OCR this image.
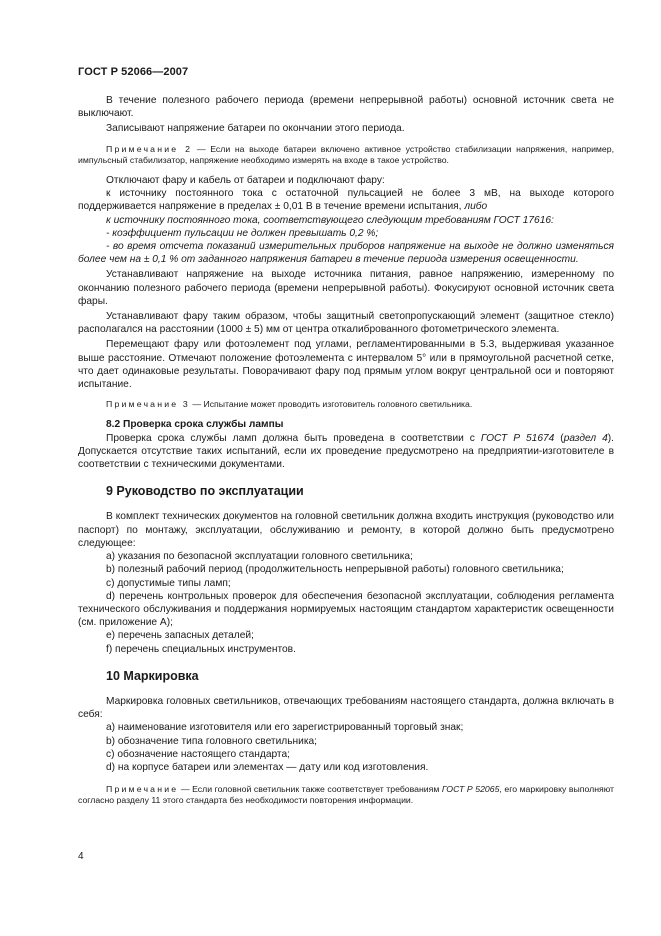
ГОСТ Р 52066—2007

В течение полезного рабочего периода (времени непрерывной работы) основной источник света не выключают.

Записывают напряжение батареи по окончании этого периода.

Примечание 2 — Если на выходе батареи включено активное устройство стабилизации напряжения, например, импульсный стабилизатор, напряжение необходимо измерять на входе в такое устройство.

Отключают фару и кабель от батареи и подключают фару:

к источнику постоянного тока с остаточной пульсацией не более 3 мВ, на выходе которого поддерживается напряжение в пределах ± 0,01 В в течение времени испытания, либо

к источнику постоянного тока, соответствующего следующим требованиям ГОСТ 17616:

- коэффициент пульсации не должен превышать 0,2 %;

- во время отсчета показаний измерительных приборов напряжение на выходе не должно изменяться более чем на ± 0,1 % от заданного напряжения батареи в течение периода измерения освещенности.

Устанавливают напряжение на выходе источника питания, равное напряжению, измеренному по окончанию полезного рабочего периода (времени непрерывной работы). Фокусируют основной источник света фары.

Устанавливают фару таким образом, чтобы защитный светопропускающий элемент (защитное стекло) располагался на расстоянии (1000 ± 5) мм от центра откалиброванного фотометрического элемента.

Перемещают фару или фотоэлемент под углами, регламентированными в 5.3, выдерживая указанное выше расстояние. Отмечают положение фотоэлемента с интервалом 5° или в прямоугольной расчетной сетке, что дает одинаковые результаты. Поворачивают фару под прямым углом вокруг центральной оси и повторяют испытание.

Примечание 3 — Испытание может проводить изготовитель головного светильника.

8.2 Проверка срока службы лампы

Проверка срока службы ламп должна быть проведена в соответствии с ГОСТ Р 51674 (раздел 4). Допускается отсутствие таких испытаний, если их проведение предусмотрено на предприятии-изготовителе в соответствии с техническими документами.

9 Руководство по эксплуатации

В комплект технических документов на головной светильник должна входить инструкция (руководство или паспорт) по монтажу, эксплуатации, обслуживанию и ремонту, в которой должно быть предусмотрено следующее:

а) указания по безопасной эксплуатации головного светильника;

b) полезный рабочий период (продолжительность непрерывной работы) головного светильника;

c) допустимые типы ламп;

d) перечень контрольных проверок для обеспечения безопасной эксплуатации, соблюдения регламента технического обслуживания и поддержания нормируемых настоящим стандартом характеристик освещенности (см. приложение А);

е) перечень запасных деталей;

f) перечень специальных инструментов.

10 Маркировка

Маркировка головных светильников, отвечающих требованиям настоящего стандарта, должна включать в себя:

а) наименование изготовителя или его зарегистрированный торговый знак;

b) обозначение типа головного светильника;

c) обозначение настоящего стандарта;

d) на корпусе батареи или элементах — дату или код изготовления.

Примечание — Если головной светильник также соответствует требованиям ГОСТ Р 52065, его маркировку выполняют согласно разделу 11 этого стандарта без необходимости повторения информации.

4
